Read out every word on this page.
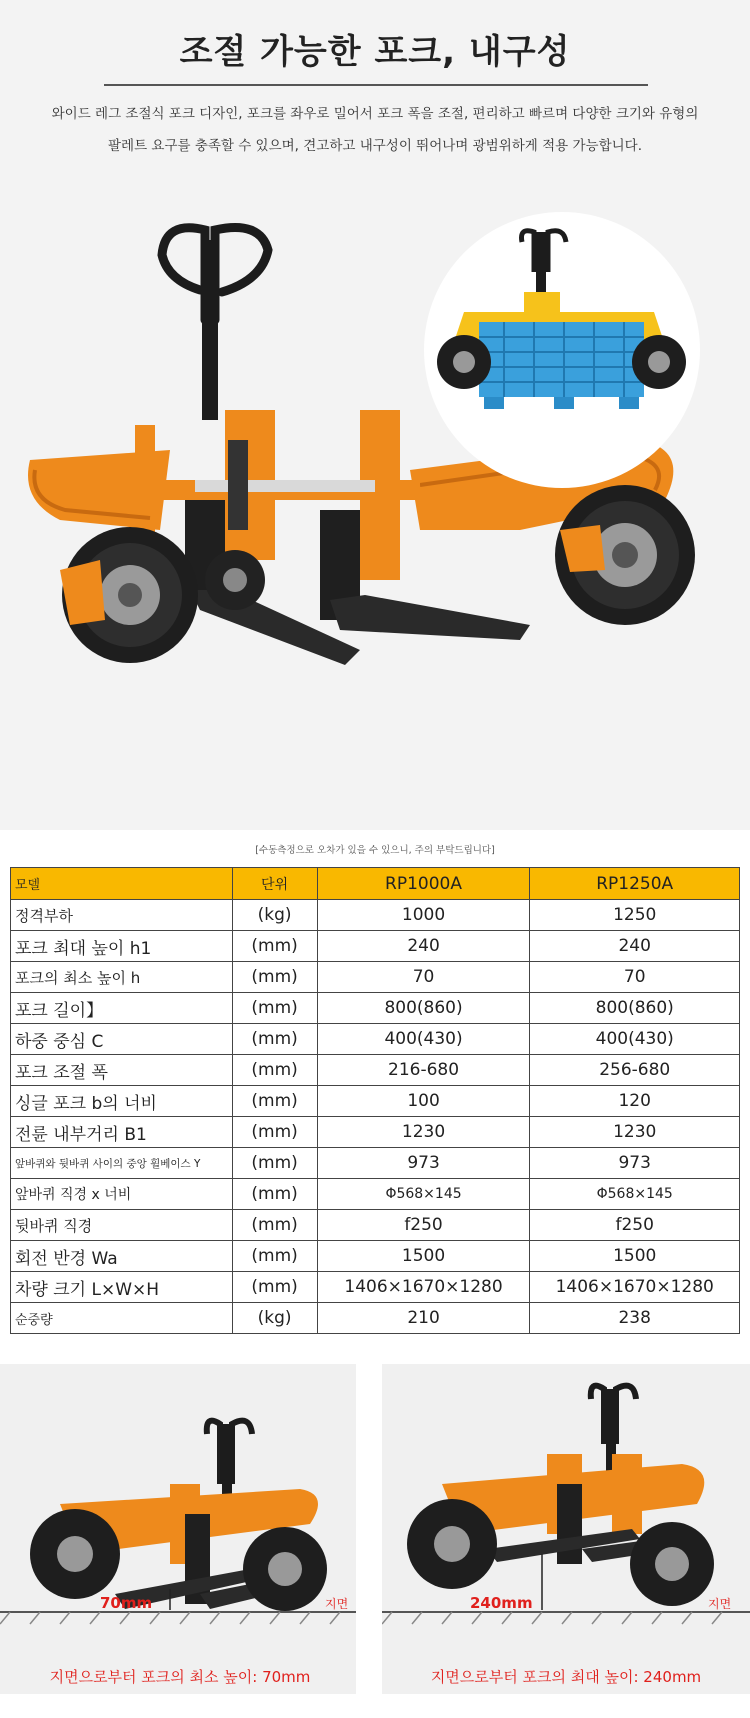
조절 가능한 포크, 내구성
와이드 레그 조절식 포크 디자인, 포크를 좌우로 밀어서 포크 폭을 조절, 편리하고 빠르며 다양한 크기와 유형의
팔레트 요구를 충족할 수 있으며, 견고하고 내구성이 뛰어나며 광범위하게 적용 가능합니다.
[수동측정으로 오차가 있을 수 있으니, 주의 부탁드립니다]
모델	단위	RP1000A	RP1250A
정격부하	(kg)	1000	1250
포크 최대 높이 h1	(mm)	240	240
포크의 최소 높이 h	(mm)	70	70
포크 길이】	(mm)	800(860)	800(860)
하중 중심 C	(mm)	400(430)	400(430)
포크 조절 폭	(mm)	216-680	256-680
싱글 포크 b의 너비	(mm)	100	120
전륜 내부거리 B1	(mm)	1230	1230
앞바퀴와 뒷바퀴 사이의 중앙 휠베이스 Y	(mm)	973	973
앞바퀴 직경 x 너비	(mm)	Φ568×145	Φ568×145
뒷바퀴 직경	(mm)	f250	f250
회전 반경 Wa	(mm)	1500	1500
차량 크기 L×W×H	(mm)	1406×1670×1280	1406×1670×1280
순중량	(kg)	210	238
70mm	지면	240mm	지면
지면으로부터 포크의 최소 높이: 70mm	지면으로부터 포크의 최대 높이: 240mm
